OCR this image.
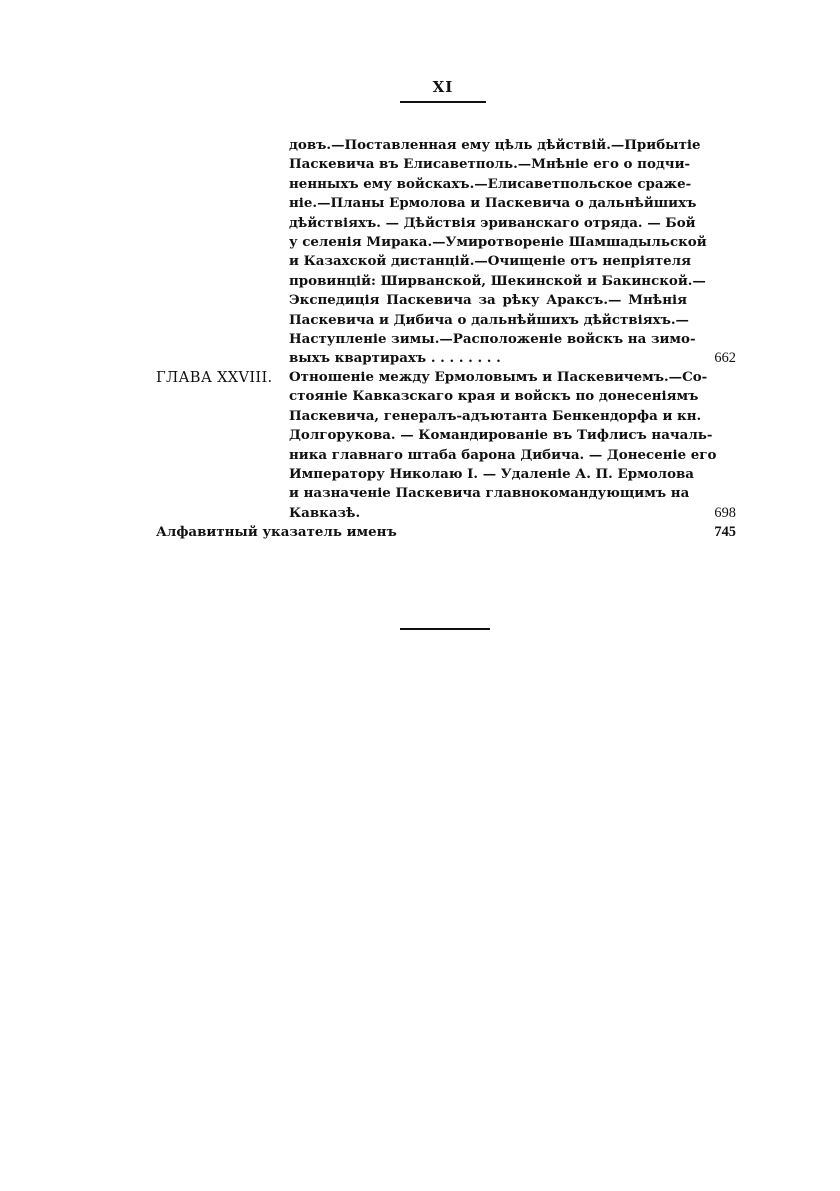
XI
довъ.—Поставленная ему цѣль дѣйствій.—Прибытіе
Паскевича въ Елисаветполь.—Мнѣніе его о подчи-
ненныхъ ему войскахъ.—Елисаветпольское сраже-
ніе.—Планы Ермолова и Паскевича о дальнѣйшихъ
дѣйствіяхъ. — Дѣйствія эриванскаго отряда. — Бой
у селенія Мирака.—Умиротвореніе Шамшадыльской
и Казахской дистанцій.—Очищеніе отъ непріятеля
провинцій: Ширванской, Шекинской и Бакинской.—
Экспедиція Паскевича за рѣку Араксъ.— Мнѣнія
Паскевича и Дибича о дальнѣйшихъ дѣйствіяхъ.—
Наступленіе зимы.—Расположеніе войскъ на зимо-
выхъ квартирахъ . . . . . . . .	662
ГЛАВА XXVIII. Отношеніе между Ермоловымъ и Паскевичемъ.—Со-
стояніе Кавказскаго края и войскъ по донесеніямъ
Паскевича, генералъ-адъютанта Бенкендорфа и кн.
Долгорукова. — Командированіе въ Тифлисъ началь-
ника главнаго штаба барона Дибича. — Донесеніе его
Императору Николаю I. — Удаленіе А. П. Ермолова
и назначеніе Паскевича главнокомандующимъ на
Кавказѣ.	698
Алфавитный указатель именъ	745
